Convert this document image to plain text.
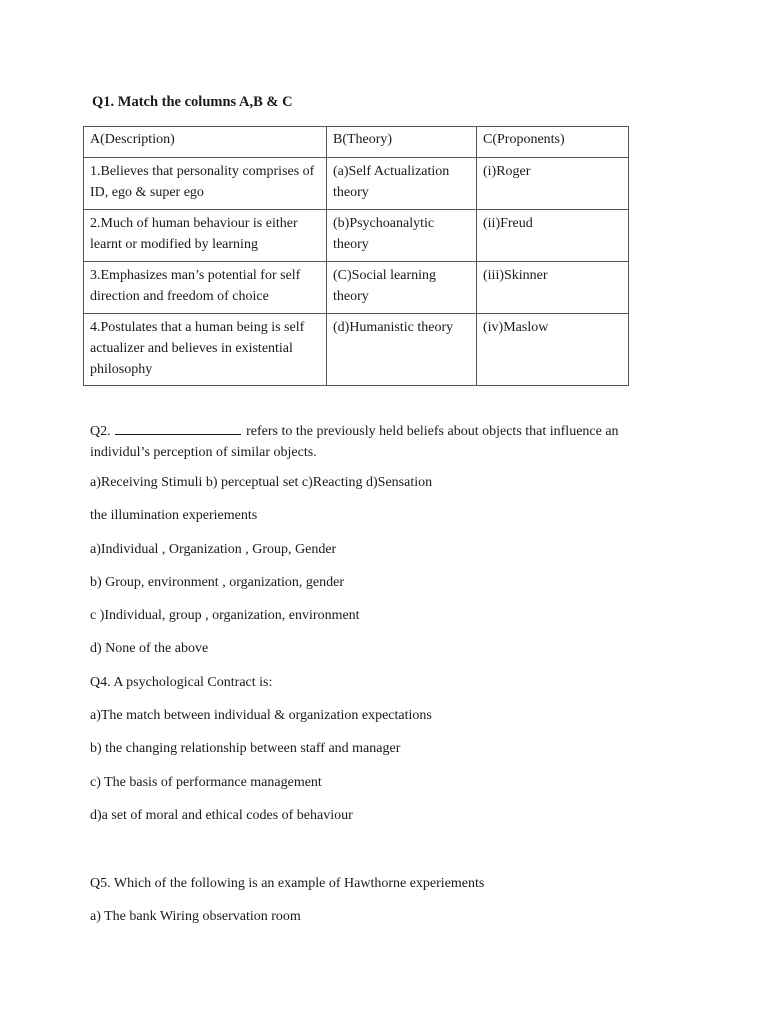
Q1. Match the columns A,B & C
A(Description)	B(Theory)	C(Proponents)
1.Believes that personality comprises of ID, ego & super ego	(a)Self Actualization theory	(i)Roger
2.Much of human behaviour is either learnt or modified by learning	(b)Psychoanalytic theory	(ii)Freud
3.Emphasizes man’s potential for self direction and freedom of choice	(C)Social learning theory	(iii)Skinner
4.Postulates that a human being is self actualizer and believes in existential philosophy	(d)Humanistic theory	(iv)Maslow
Q2.	refers to the previously held beliefs about objects that influence an individul’s perception of similar objects.
a)Receiving Stimuli b) perceptual set c)Reacting d)Sensation
the illumination experiements
a)Individual , Organization , Group, Gender
b) Group, environment , organization, gender
c )Individual, group , organization, environment
d) None of the above
Q4. A psychological Contract is:
a)The match between individual & organization expectations
b) the changing relationship between staff and manager
c) The basis of performance management
d)a set of moral and ethical codes of behaviour
Q5. Which of the following is an example of Hawthorne experiements
a) The bank Wiring observation room
